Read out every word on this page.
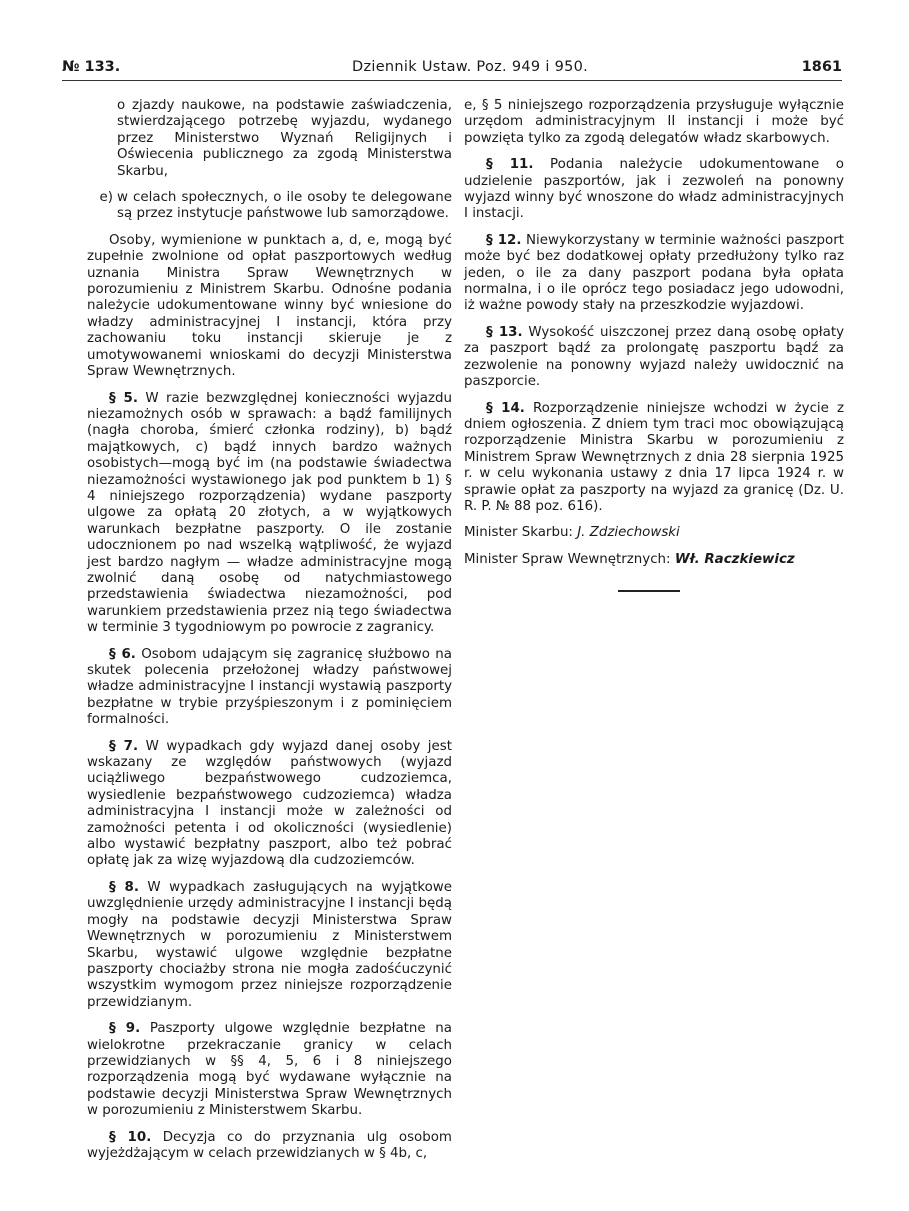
№ 133.	Dziennik Ustaw. Poz. 949 i 950.	1861

o zjazdy naukowe, na podstawie zaświadczenia, stwierdzającego potrzebę wyjazdu, wydanego przez Ministerstwo Wyznań Religijnych i Oświecenia publicznego za zgodą Ministerstwa Skarbu,

e) w celach społecznych, o ile osoby te delegowane są przez instytucje państwowe lub samorządowe.

Osoby, wymienione w punktach a, d, e, mogą być zupełnie zwolnione od opłat paszportowych według uznania Ministra Spraw Wewnętrznych w porozumieniu z Ministrem Skarbu. Odnośne podania należycie udokumentowane winny być wniesione do władzy administracyjnej I instancji, która przy zachowaniu toku instancji skieruje je z umotywowanemi wnioskami do decyzji Ministerstwa Spraw Wewnętrznych.

§ 5. W razie bezwzględnej konieczności wyjazdu niezamożnych osób w sprawach: a bądź familijnych (nagła choroba, śmierć członka rodziny), b) bądź majątkowych, c) bądź innych bardzo ważnych osobistych—mogą być im (na podstawie świadectwa niezamożności wystawionego jak pod punktem b 1) § 4 niniejszego rozporządzenia) wydane paszporty ulgowe za opłatą 20 złotych, a w wyjątkowych warunkach bezpłatne paszporty. O ile zostanie udocznionem po nad wszelką wątpliwość, że wyjazd jest bardzo nagłym — władze administracyjne mogą zwolnić daną osobę od natychmiastowego przedstawienia świadectwa niezamożności, pod warunkiem przedstawienia przez nią tego świadectwa w terminie 3 tygodniowym po powrocie z zagranicy.

§ 6. Osobom udającym się zagranicę służbowo na skutek polecenia przełożonej władzy państwowej władze administracyjne I instancji wystawią paszporty bezpłatne w trybie przyśpieszonym i z pominięciem formalności.

§ 7. W wypadkach gdy wyjazd danej osoby jest wskazany ze względów państwowych (wyjazd uciążliwego bezpaństwowego cudzoziemca, wysiedlenie bezpaństwowego cudzoziemca) władza administracyjna I instancji może w zależności od zamożności petenta i od okoliczności (wysiedlenie) albo wystawić bezpłatny paszport, albo też pobrać opłatę jak za wizę wyjazdową dla cudzoziemców.

§ 8. W wypadkach zasługujących na wyjątkowe uwzględnienie urzędy administracyjne I instancji będą mogły na podstawie decyzji Ministerstwa Spraw Wewnętrznych w porozumieniu z Ministerstwem Skarbu, wystawić ulgowe względnie bezpłatne paszporty chociażby strona nie mogła zadośćuczynić wszystkim wymogom przez niniejsze rozporządzenie przewidzianym.

§ 9. Paszporty ulgowe względnie bezpłatne na wielokrotne przekraczanie granicy w celach przewidzianych w §§ 4, 5, 6 i 8 niniejszego rozporządzenia mogą być wydawane wyłącznie na podstawie decyzji Ministerstwa Spraw Wewnętrznych w porozumieniu z Ministerstwem Skarbu.

§ 10. Decyzja co do przyznania ulg osobom wyjeżdżającym w celach przewidzianych w § 4b, c,

e, § 5 niniejszego rozporządzenia przysługuje wyłącznie urzędom administracyjnym II instancji i może być powzięta tylko za zgodą delegatów władz skarbowych.

§ 11. Podania należycie udokumentowane o udzielenie paszportów, jak i zezwoleń na ponowny wyjazd winny być wnoszone do władz administracyjnych I instacji.

§ 12. Niewykorzystany w terminie ważności paszport może być bez dodatkowej opłaty przedłużony tylko raz jeden, o ile za dany paszport podana była opłata normalna, i o ile oprócz tego posiadacz jego udowodni, iż ważne powody stały na przeszkodzie wyjazdowi.

§ 13. Wysokość uiszczonej przez daną osobę opłaty za paszport bądź za prolongatę paszportu bądź za zezwolenie na ponowny wyjazd należy uwidocznić na paszporcie.

§ 14. Rozporządzenie niniejsze wchodzi w życie z dniem ogłoszenia. Z dniem tym traci moc obowiązującą rozporządzenie Ministra Skarbu w porozumieniu z Ministrem Spraw Wewnętrznych z dnia 28 sierpnia 1925 r. w celu wykonania ustawy z dnia 17 lipca 1924 r. w sprawie opłat za paszporty na wyjazd za granicę (Dz. U. R. P. № 88 poz. 616).

Minister Skarbu: J. Zdziechowski

Minister Spraw Wewnętrznych: Wł. Raczkiewicz
